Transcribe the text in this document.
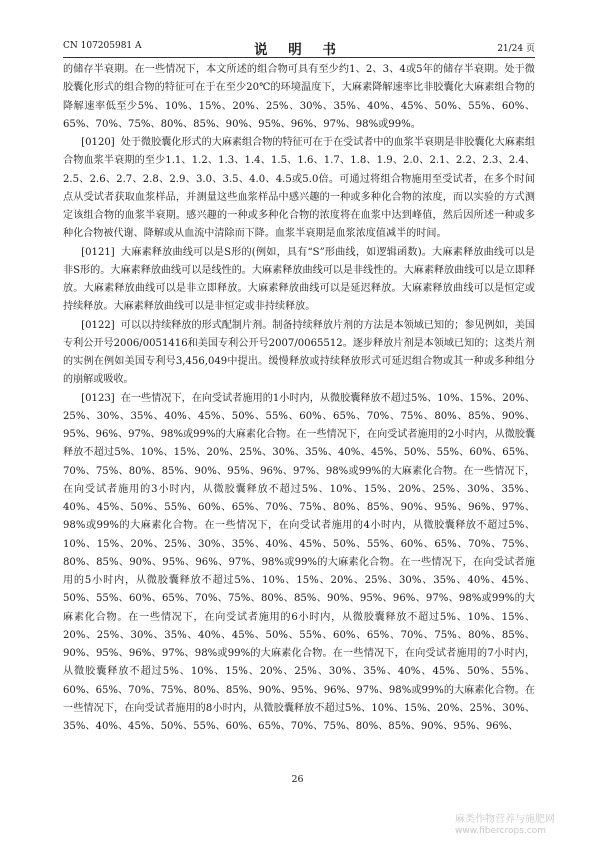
CN 107205981 A	说 明 书	21/24 页

的储存半衰期。在一些情况下，本文所述的组合物可具有至少约1、2、3、4或5年的储存半衰期。处于微胶囊化形式的组合物的特征可在于在至少20℃的环境温度下，大麻素降解速率比非胶囊化大麻素组合物的降解速率低至少5%、10%、15%、20%、25%、30%、35%、40%、45%、50%、55%、60%、65%、70%、75%、80%、85%、90%、95%、96%、97%、98%或99%。

[0120] 处于微胶囊化形式的大麻素组合物的特征可在于在受试者中的血浆半衰期是非胶囊化大麻素组合物血浆半衰期的至少1.1、1.2、1.3、1.4、1.5、1.6、1.7、1.8、1.9、2.0、2.1、2.2、2.3、2.4、2.5、2.6、2.7、2.8、2.9、3.0、3.5、4.0、4.5或5.0倍。可通过将组合物施用至受试者，在多个时间点从受试者获取血浆样品，并测量这些血浆样品中感兴趣的一种或多种化合物的浓度，而以实验的方式测定该组合物的血浆半衰期。感兴趣的一种或多种化合物的浓度将在血浆中达到峰值，然后因所述一种或多种化合物被代谢、降解或从血流中清除而下降。血浆半衰期是血浆浓度值减半的时间。

[0121] 大麻素释放曲线可以是S形的(例如，具有“S”形曲线，如逻辑函数)。大麻素释放曲线可以是非S形的。大麻素释放曲线可以是线性的。大麻素释放曲线可以是非线性的。大麻素释放曲线可以是立即释放。大麻素释放曲线可以是非立即释放。大麻素释放曲线可以是延迟释放。大麻素释放曲线可以是恒定或持续释放。大麻素释放曲线可以是非恒定或非持续释放。

[0122] 可以以持续释放的形式配制片剂。制备持续释放片剂的方法是本领域已知的；参见例如，美国专利公开号2006/0051416和美国专利公开号2007/0065512。逐步释放片剂是本领域已知的；这类片剂的实例在例如美国专利号3,456,049中提出。缓慢释放或持续释放形式可延迟组合物或其一种或多种组分的崩解或吸收。

[0123] 在一些情况下，在向受试者施用的1小时内，从微胶囊释放不超过5%、10%、15%、20%、25%、30%、35%、40%、45%、50%、55%、60%、65%、70%、75%、80%、85%、90%、95%、96%、97%、98%或99%的大麻素化合物。在一些情况下，在向受试者施用的2小时内，从微胶囊释放不超过5%、10%、15%、20%、25%、30%、35%、40%、45%、50%、55%、60%、65%、70%、75%、80%、85%、90%、95%、96%、97%、98%或99%的大麻素化合物。在一些情况下，在向受试者施用的3小时内，从微胶囊释放不超过5%、10%、15%、20%、25%、30%、35%、40%、45%、50%、55%、60%、65%、70%、75%、80%、85%、90%、95%、96%、97%、98%或99%的大麻素化合物。在一些情况下，在向受试者施用的4小时内，从微胶囊释放不超过5%、10%、15%、20%、25%、30%、35%、40%、45%、50%、55%、60%、65%、70%、75%、80%、85%、90%、95%、96%、97%、98%或99%的大麻素化合物。在一些情况下，在向受试者施用的5小时内，从微胶囊释放不超过5%、10%、15%、20%、25%、30%、35%、40%、45%、50%、55%、60%、65%、70%、75%、80%、85%、90%、95%、96%、97%、98%或99%的大麻素化合物。在一些情况下，在向受试者施用的6小时内，从微胶囊释放不超过5%、10%、15%、20%、25%、30%、35%、40%、45%、50%、55%、60%、65%、70%、75%、80%、85%、90%、95%、96%、97%、98%或99%的大麻素化合物。在一些情况下，在向受试者施用的7小时内，从微胶囊释放不超过5%、10%、15%、20%、25%、30%、35%、40%、45%、50%、55%、60%、65%、70%、75%、80%、85%、90%、95%、96%、97%、98%或99%的大麻素化合物。在一些情况下，在向受试者施用的8小时内，从微胶囊释放不超过5%、10%、15%、20%、25%、30%、35%、40%、45%、50%、55%、60%、65%、70%、75%、80%、85%、90%、95%、96%、

26
麻类作物营养与施肥网
www.fibercrops.com
